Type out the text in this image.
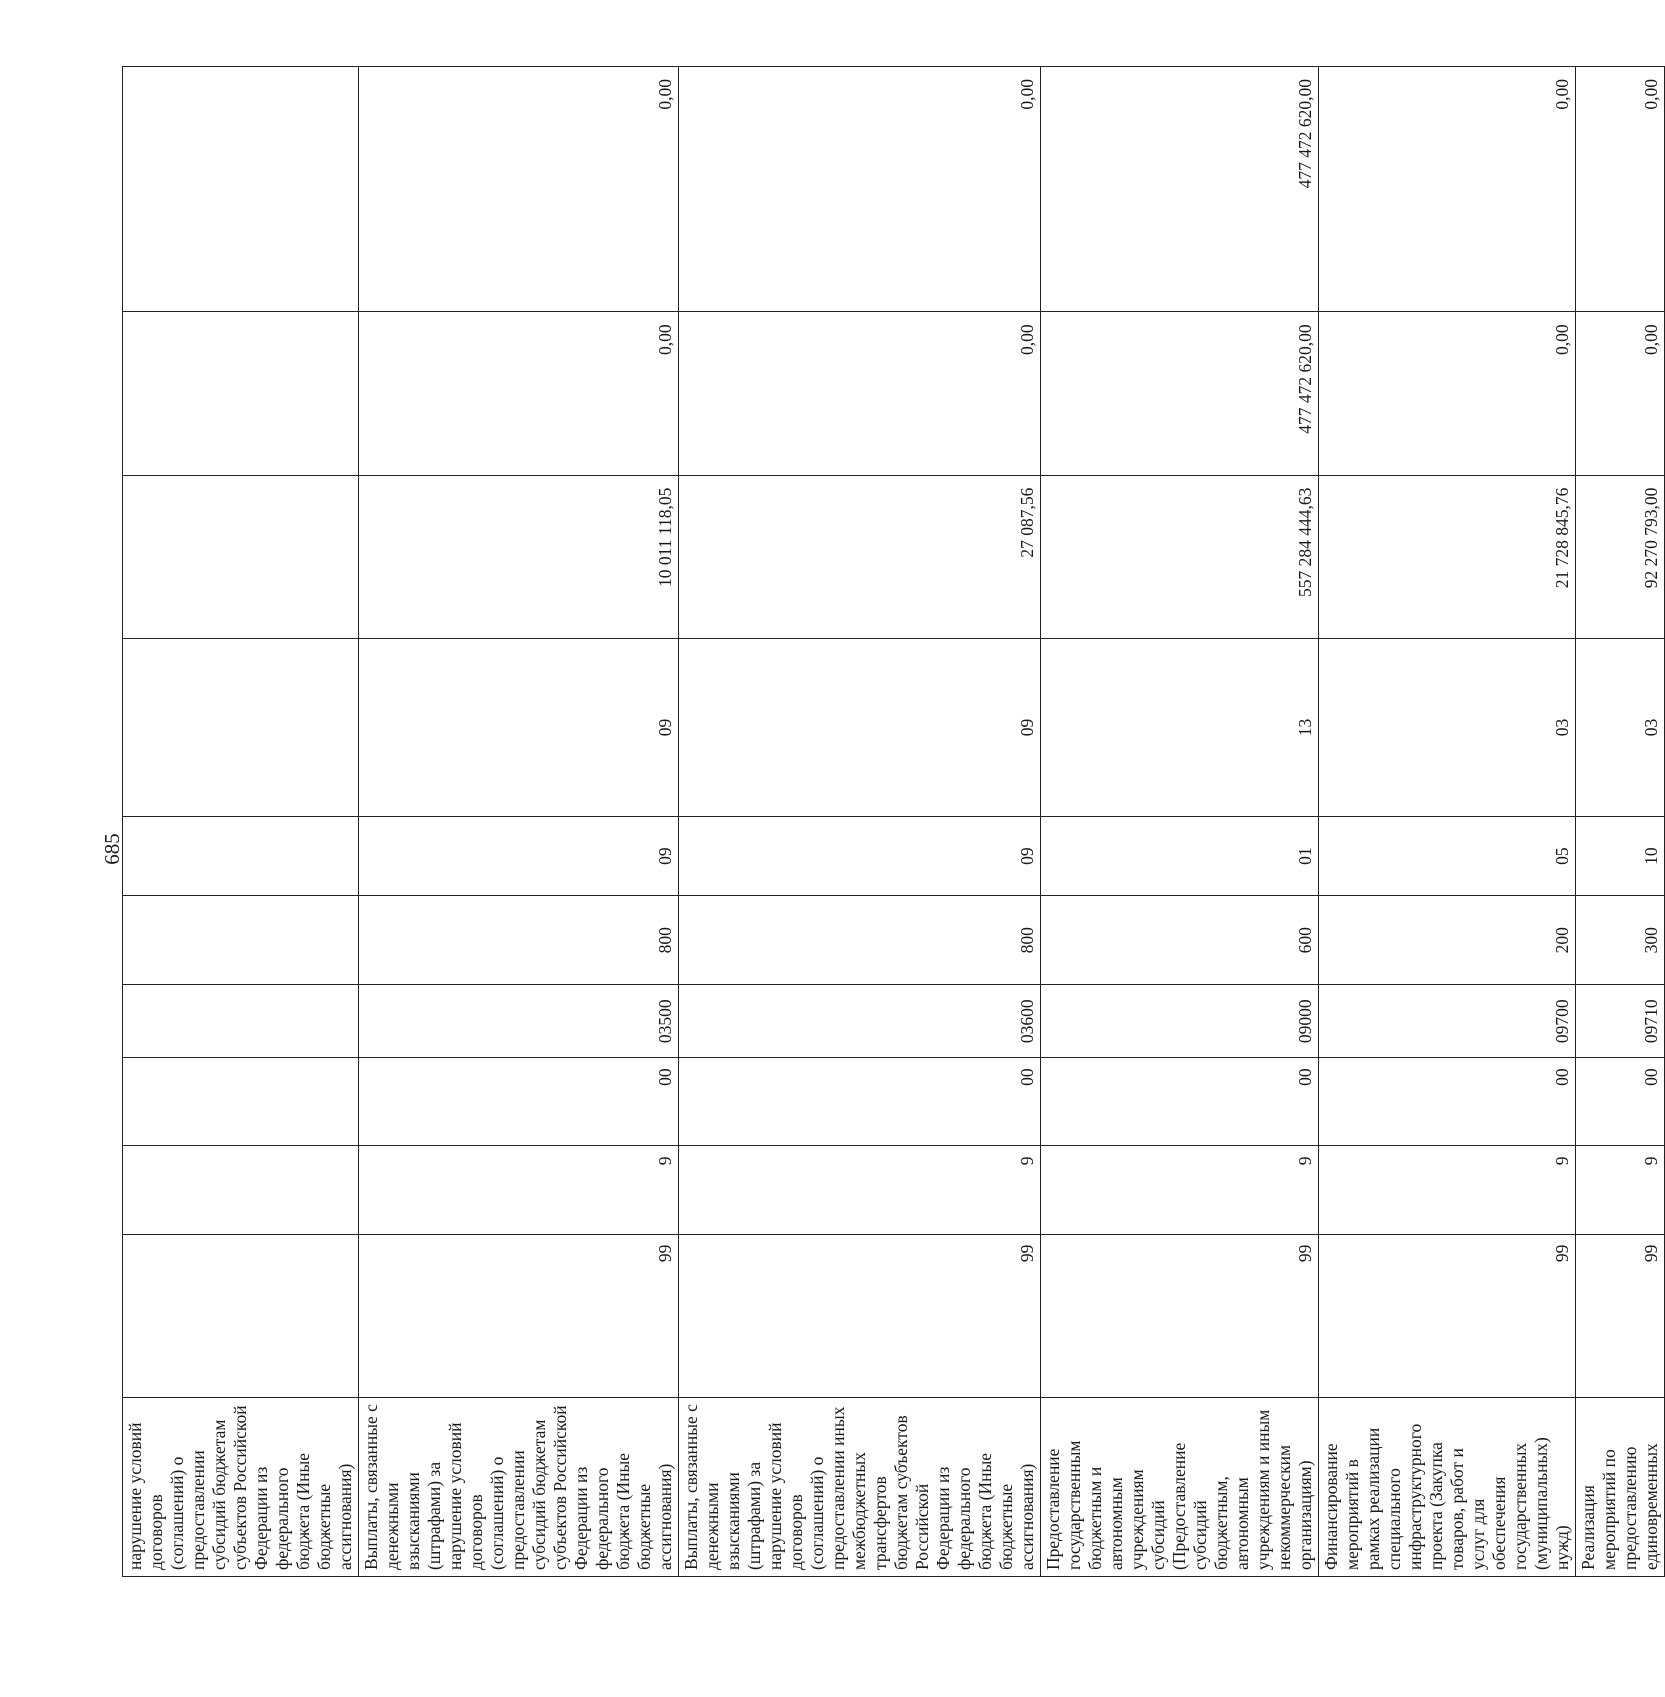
685
нарушение условий договоров (соглашений) о предоставлении субсидий бюджетам субъектов Российской Федерации из федерального бюджета (Иные бюджетные ассигнования)										
Выплаты, связанные с денежными взысканиями (штрафами) за нарушение условий договоров (соглашений) о предоставлении субсидий бюджетам субъектов Российской Федерации из федерального бюджета (Иные бюджетные ассигнования)	99	9	00	03500	800	09	09	10 011 118,05	0,00	0,00
Выплаты, связанные с денежными взысканиями (штрафами) за нарушение условий договоров (соглашений) о предоставлении иных межбюджетных трансфертов бюджетам субъектов Российской Федерации из федерального бюджета (Иные бюджетные ассигнования)	99	9	00	03600	800	09	09	27 087,56	0,00	0,00
Предоставление государственным бюджетным и автономным учреждениям субсидий (Предоставление субсидий бюджетным, автономным учреждениям и иным некоммерческим организациям)	99	9	00	09000	600	01	13	557 284 444,63	477 472 620,00	477 472 620,00
Финансирование мероприятий в рамках реализации специального инфраструктурного проекта (Закупка товаров, работ и услуг для обеспечения государственных (муниципальных) нужд)	99	9	00	09700	200	05	03	21 728 845,76	0,00	0,00
Реализация мероприятий по предоставлению единовременных	99	9	00	09710	300	10	03	92 270 793,00	0,00	0,00
